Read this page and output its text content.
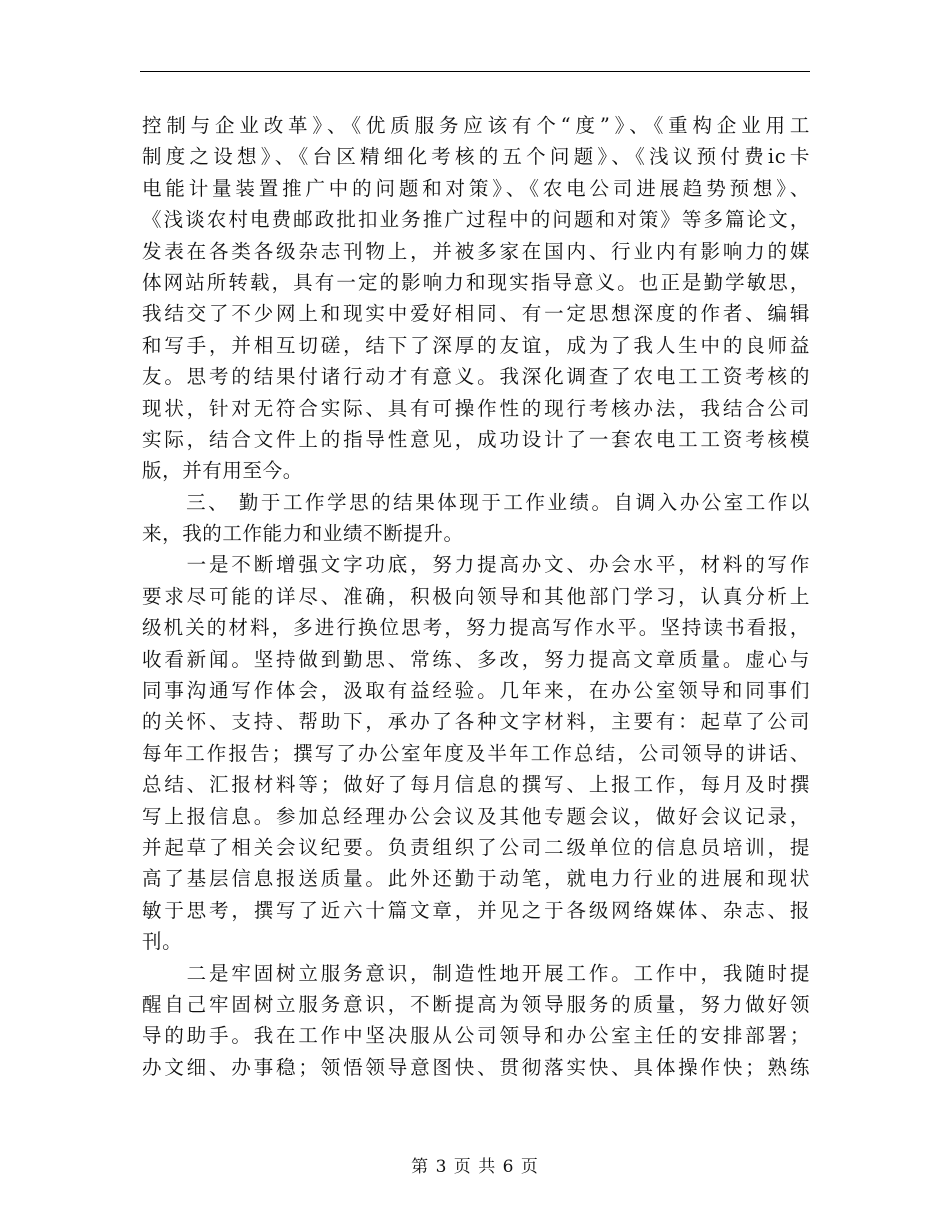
控制与企业改革》、《优质服务应该有个“度”》、《重构企业用工
制度之设想》、《台区精细化考核的五个问题》、《浅议预付费ic卡
电能计量装置推广中的问题和对策》、《农电公司进展趋势预想》、
《浅谈农村电费邮政批扣业务推广过程中的问题和对策》等多篇论文，
发表在各类各级杂志刊物上，并被多家在国内、行业内有影响力的媒
体网站所转载，具有一定的影响力和现实指导意义。也正是勤学敏思，
我结交了不少网上和现实中爱好相同、有一定思想深度的作者、编辑
和写手，并相互切磋，结下了深厚的友谊，成为了我人生中的良师益
友。思考的结果付诸行动才有意义。我深化调查了农电工工资考核的
现状，针对无符合实际、具有可操作性的现行考核办法，我结合公司
实际，结合文件上的指导性意见，成功设计了一套农电工工资考核模
版，并有用至今。
　　三、 勤于工作学思的结果体现于工作业绩。自调入办公室工作以
来，我的工作能力和业绩不断提升。
　　一是不断增强文字功底，努力提高办文、办会水平，材料的写作
要求尽可能的详尽、准确，积极向领导和其他部门学习，认真分析上
级机关的材料，多进行换位思考，努力提高写作水平。坚持读书看报，
收看新闻。坚持做到勤思、常练、多改，努力提高文章质量。虚心与
同事沟通写作体会，汲取有益经验。几年来，在办公室领导和同事们
的关怀、支持、帮助下，承办了各种文字材料，主要有：起草了公司
每年工作报告；撰写了办公室年度及半年工作总结，公司领导的讲话、
总结、汇报材料等；做好了每月信息的撰写、上报工作，每月及时撰
写上报信息。参加总经理办公会议及其他专题会议，做好会议记录，
并起草了相关会议纪要。负责组织了公司二级单位的信息员培训，提
高了基层信息报送质量。此外还勤于动笔，就电力行业的进展和现状
敏于思考，撰写了近六十篇文章，并见之于各级网络媒体、杂志、报
刊。
　　二是牢固树立服务意识，制造性地开展工作。工作中，我随时提
醒自己牢固树立服务意识，不断提高为领导服务的质量，努力做好领
导的助手。我在工作中坚决服从公司领导和办公室主任的安排部署；
办文细、办事稳；领悟领导意图快、贯彻落实快、具体操作快；熟练
第 3 页 共 6 页
